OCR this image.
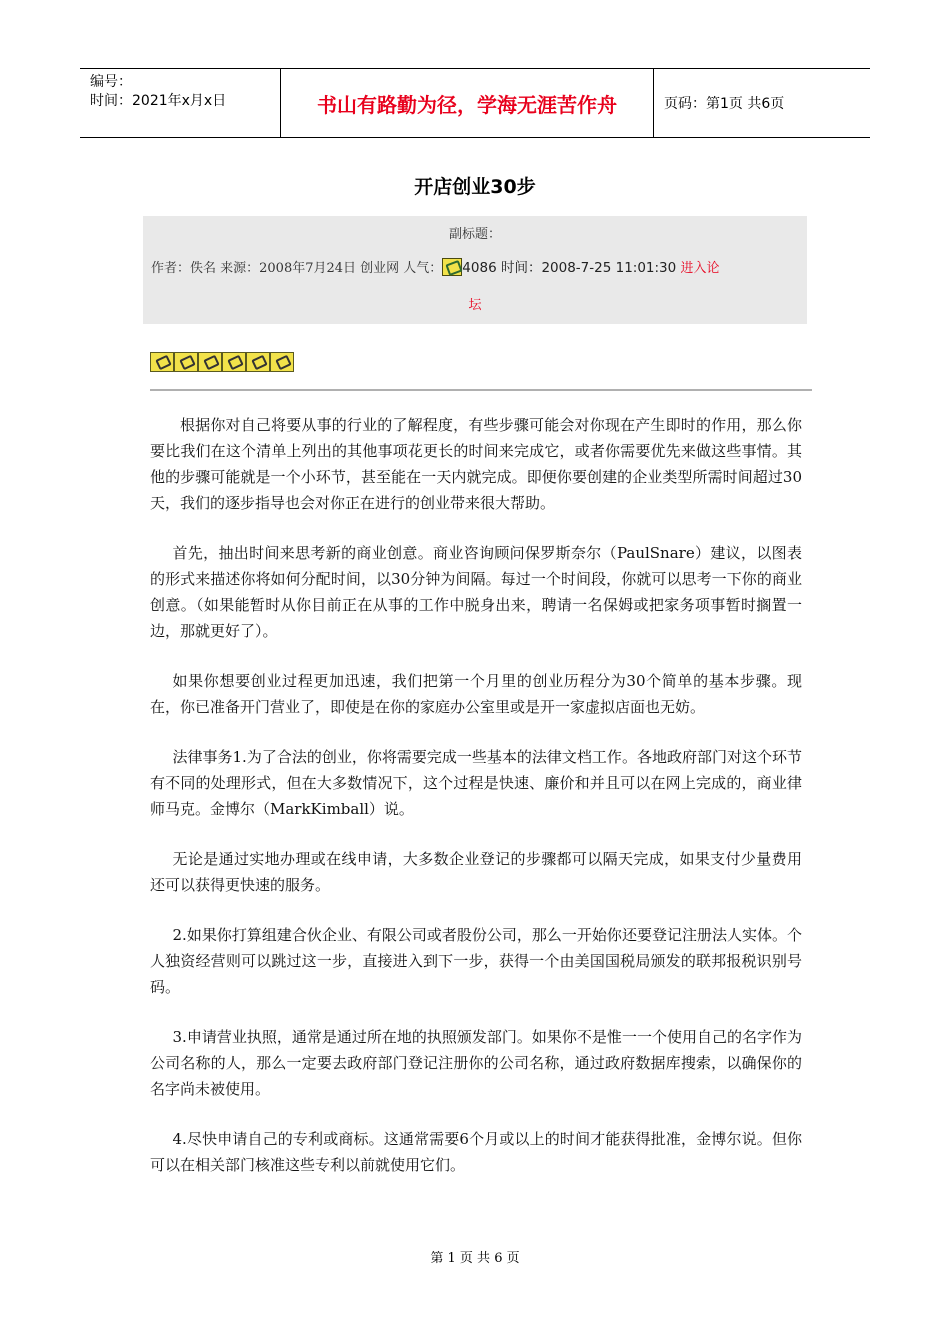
编号：
时间：2021年x月x日	书山有路勤为径，学海无涯苦作舟	页码：第1页 共6页
开店创业30步
副标题：
作者：佚名 来源：2008年7月24日 创业网 人气： 4086 时间：2008-7-25 11:01:30 进入论
坛

根据你对自己将要从事的行业的了解程度，有些步骤可能会对你现在产生即时的作用，那么你要比我们在这个清单上列出的其他事项花更长的时间来完成它，或者你需要优先来做这些事情。其他的步骤可能就是一个小环节，甚至能在一天内就完成。即便你要创建的企业类型所需时间超过30天，我们的逐步指导也会对你正在进行的创业带来很大帮助。

首先，抽出时间来思考新的商业创意。商业咨询顾问保罗斯奈尔（PaulSnare）建议，以图表的形式来描述你将如何分配时间，以30分钟为间隔。每过一个时间段，你就可以思考一下你的商业创意。（如果能暂时从你目前正在从事的工作中脱身出来，聘请一名保姆或把家务项事暂时搁置一边，那就更好了）。

如果你想要创业过程更加迅速，我们把第一个月里的创业历程分为30个简单的基本步骤。现在，你已准备开门营业了，即使是在你的家庭办公室里或是开一家虚拟店面也无妨。

法律事务1.为了合法的创业，你将需要完成一些基本的法律文档工作。各地政府部门对这个环节有不同的处理形式，但在大多数情况下，这个过程是快速、廉价和并且可以在网上完成的，商业律师马克。金博尔（MarkKimball）说。

无论是通过实地办理或在线申请，大多数企业登记的步骤都可以隔天完成，如果支付少量费用还可以获得更快速的服务。

2.如果你打算组建合伙企业、有限公司或者股份公司，那么一开始你还要登记注册法人实体。个人独资经营则可以跳过这一步，直接进入到下一步，获得一个由美国国税局颁发的联邦报税识别号码。

3.申请营业执照，通常是通过所在地的执照颁发部门。如果你不是惟一一个使用自己的名字作为公司名称的人，那么一定要去政府部门登记注册你的公司名称，通过政府数据库搜索，以确保你的名字尚未被使用。

4.尽快申请自己的专利或商标。这通常需要6个月或以上的时间才能获得批准，金博尔说。但你可以在相关部门核准这些专利以前就使用它们。

第 1 页 共 6 页
